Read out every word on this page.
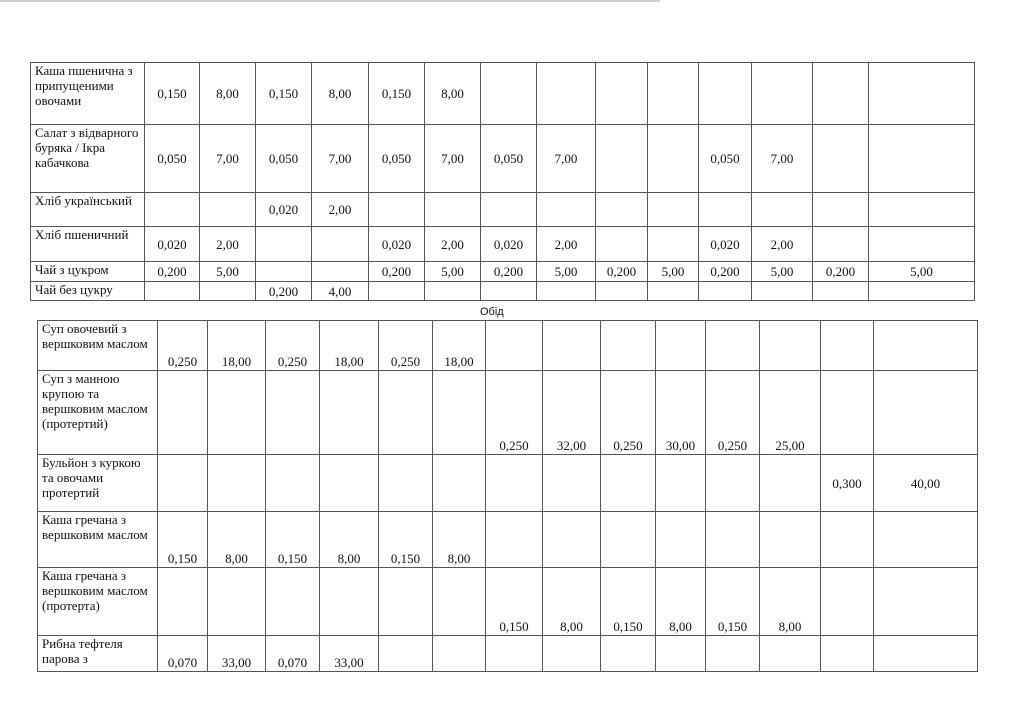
Каша пшенична з припущеними овочами	0,150	8,00	0,150	8,00	0,150	8,00								
Салат з відварного буряка / Ікра кабачкова	0,050	7,00	0,050	7,00	0,050	7,00	0,050	7,00			0,050	7,00		
Хліб український			0,020	2,00										
Хліб пшеничний	0,020	2,00			0,020	2,00	0,020	2,00			0,020	2,00		
Чай з цукром	0,200	5,00			0,200	5,00	0,200	5,00	0,200	5,00	0,200	5,00	0,200	5,00
Чай без цукру			0,200	4,00										
Обід
Суп овочевий з вершковим маслом	0,250	18,00	0,250	18,00	0,250	18,00								
Суп з манною крупою та вершковим маслом (протертий)							0,250	32,00	0,250	30,00	0,250	25,00		
Бульйон з куркою та овочами протертий													0,300	40,00
Каша гречана з вершковим маслом	0,150	8,00	0,150	8,00	0,150	8,00								
Каша гречана з вершковим маслом (протерта)							0,150	8,00	0,150	8,00	0,150	8,00		
Рибна тефтеля парова з	0,070	33,00	0,070	33,00										
